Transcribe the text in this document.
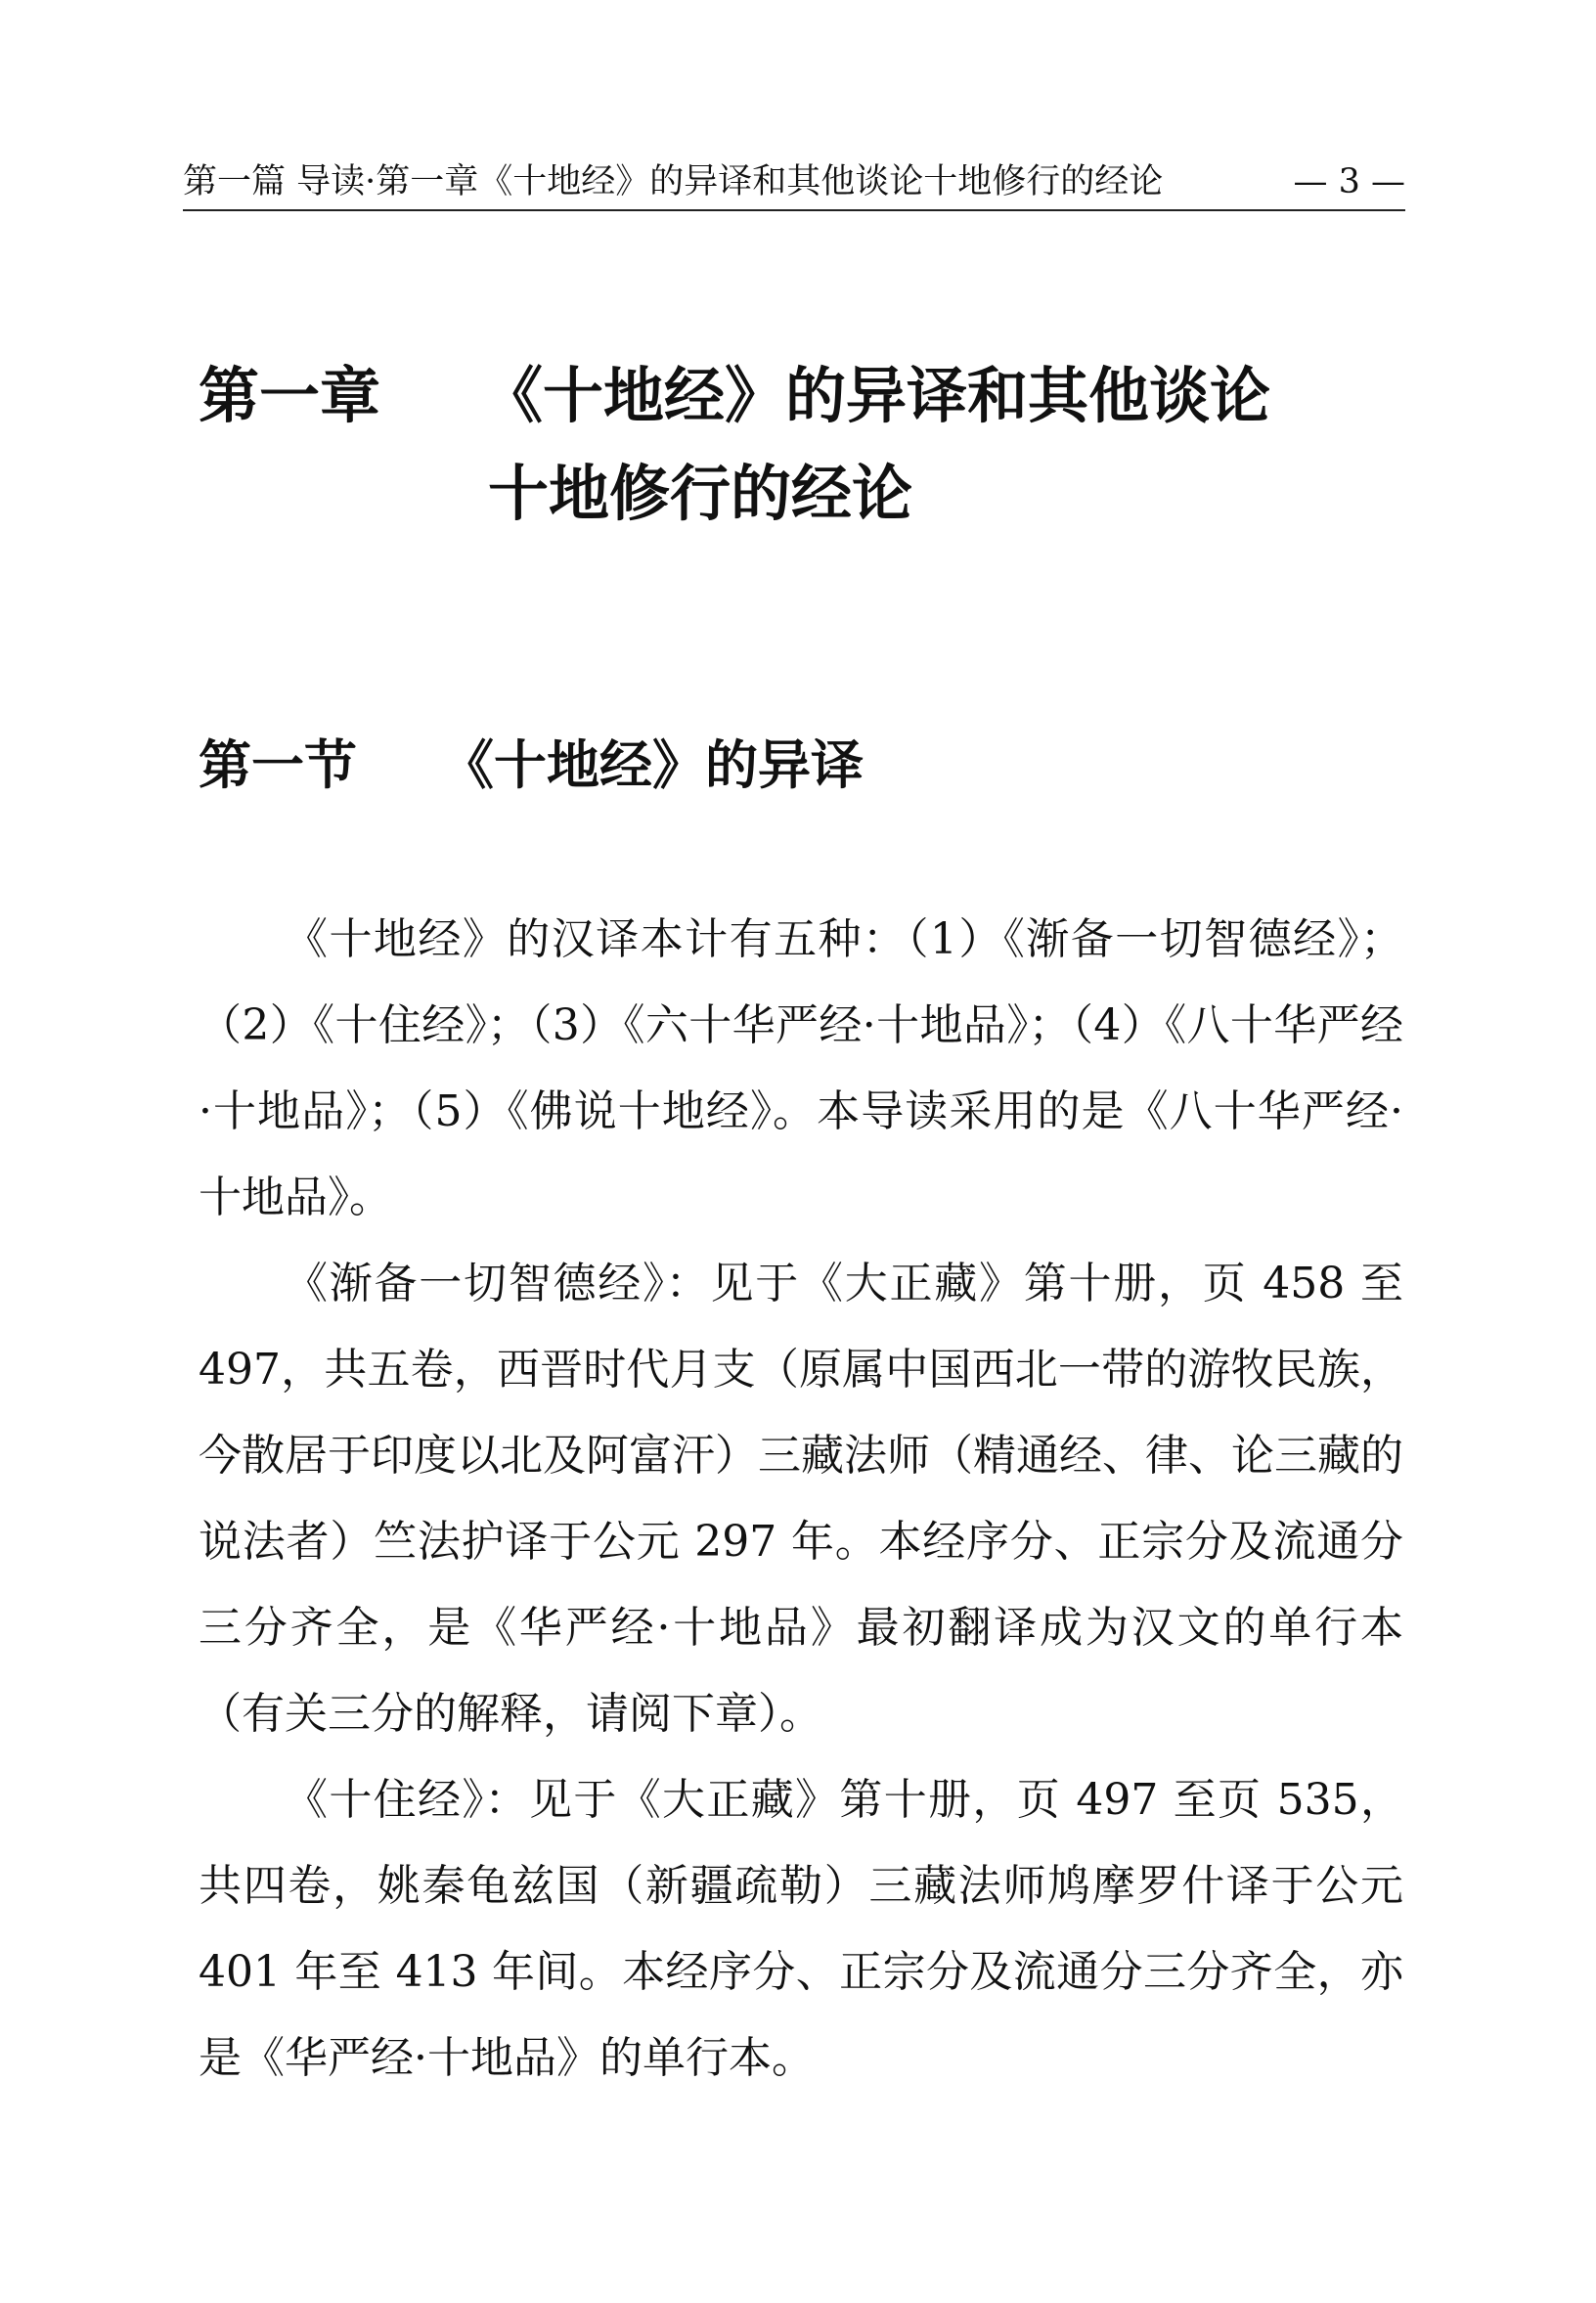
第一篇 导读·第一章《十地经》的异译和其他谈论十地修行的经论	— 3 —
第一章 《十地经》的异译和其他谈论
十地修行的经论
第一节 《十地经》的异译

《十地经》的汉译本计有五种：（1）《渐备一切智德经》；（2）《十住经》；（3）《六十华严经·十地品》；（4）《八十华严经·十地品》；（5）《佛说十地经》。本导读采用的是《八十华严经·十地品》。

《渐备一切智德经》：见于《大正藏》第十册，页 458 至 497，共五卷，西晋时代月支（原属中国西北一带的游牧民族，今散居于印度以北及阿富汗）三藏法师（精通经、律、论三藏的说法者）竺法护译于公元 297 年。本经序分、正宗分及流通分三分齐全，是《华严经·十地品》最初翻译成为汉文的单行本（有关三分的解释，请阅下章）。

《十住经》：见于《大正藏》第十册，页 497 至页 535，共四卷，姚秦龟兹国（新疆疏勒）三藏法师鸠摩罗什译于公元 401 年至 413 年间。本经序分、正宗分及流通分三分齐全，亦是《华严经·十地品》的单行本。
